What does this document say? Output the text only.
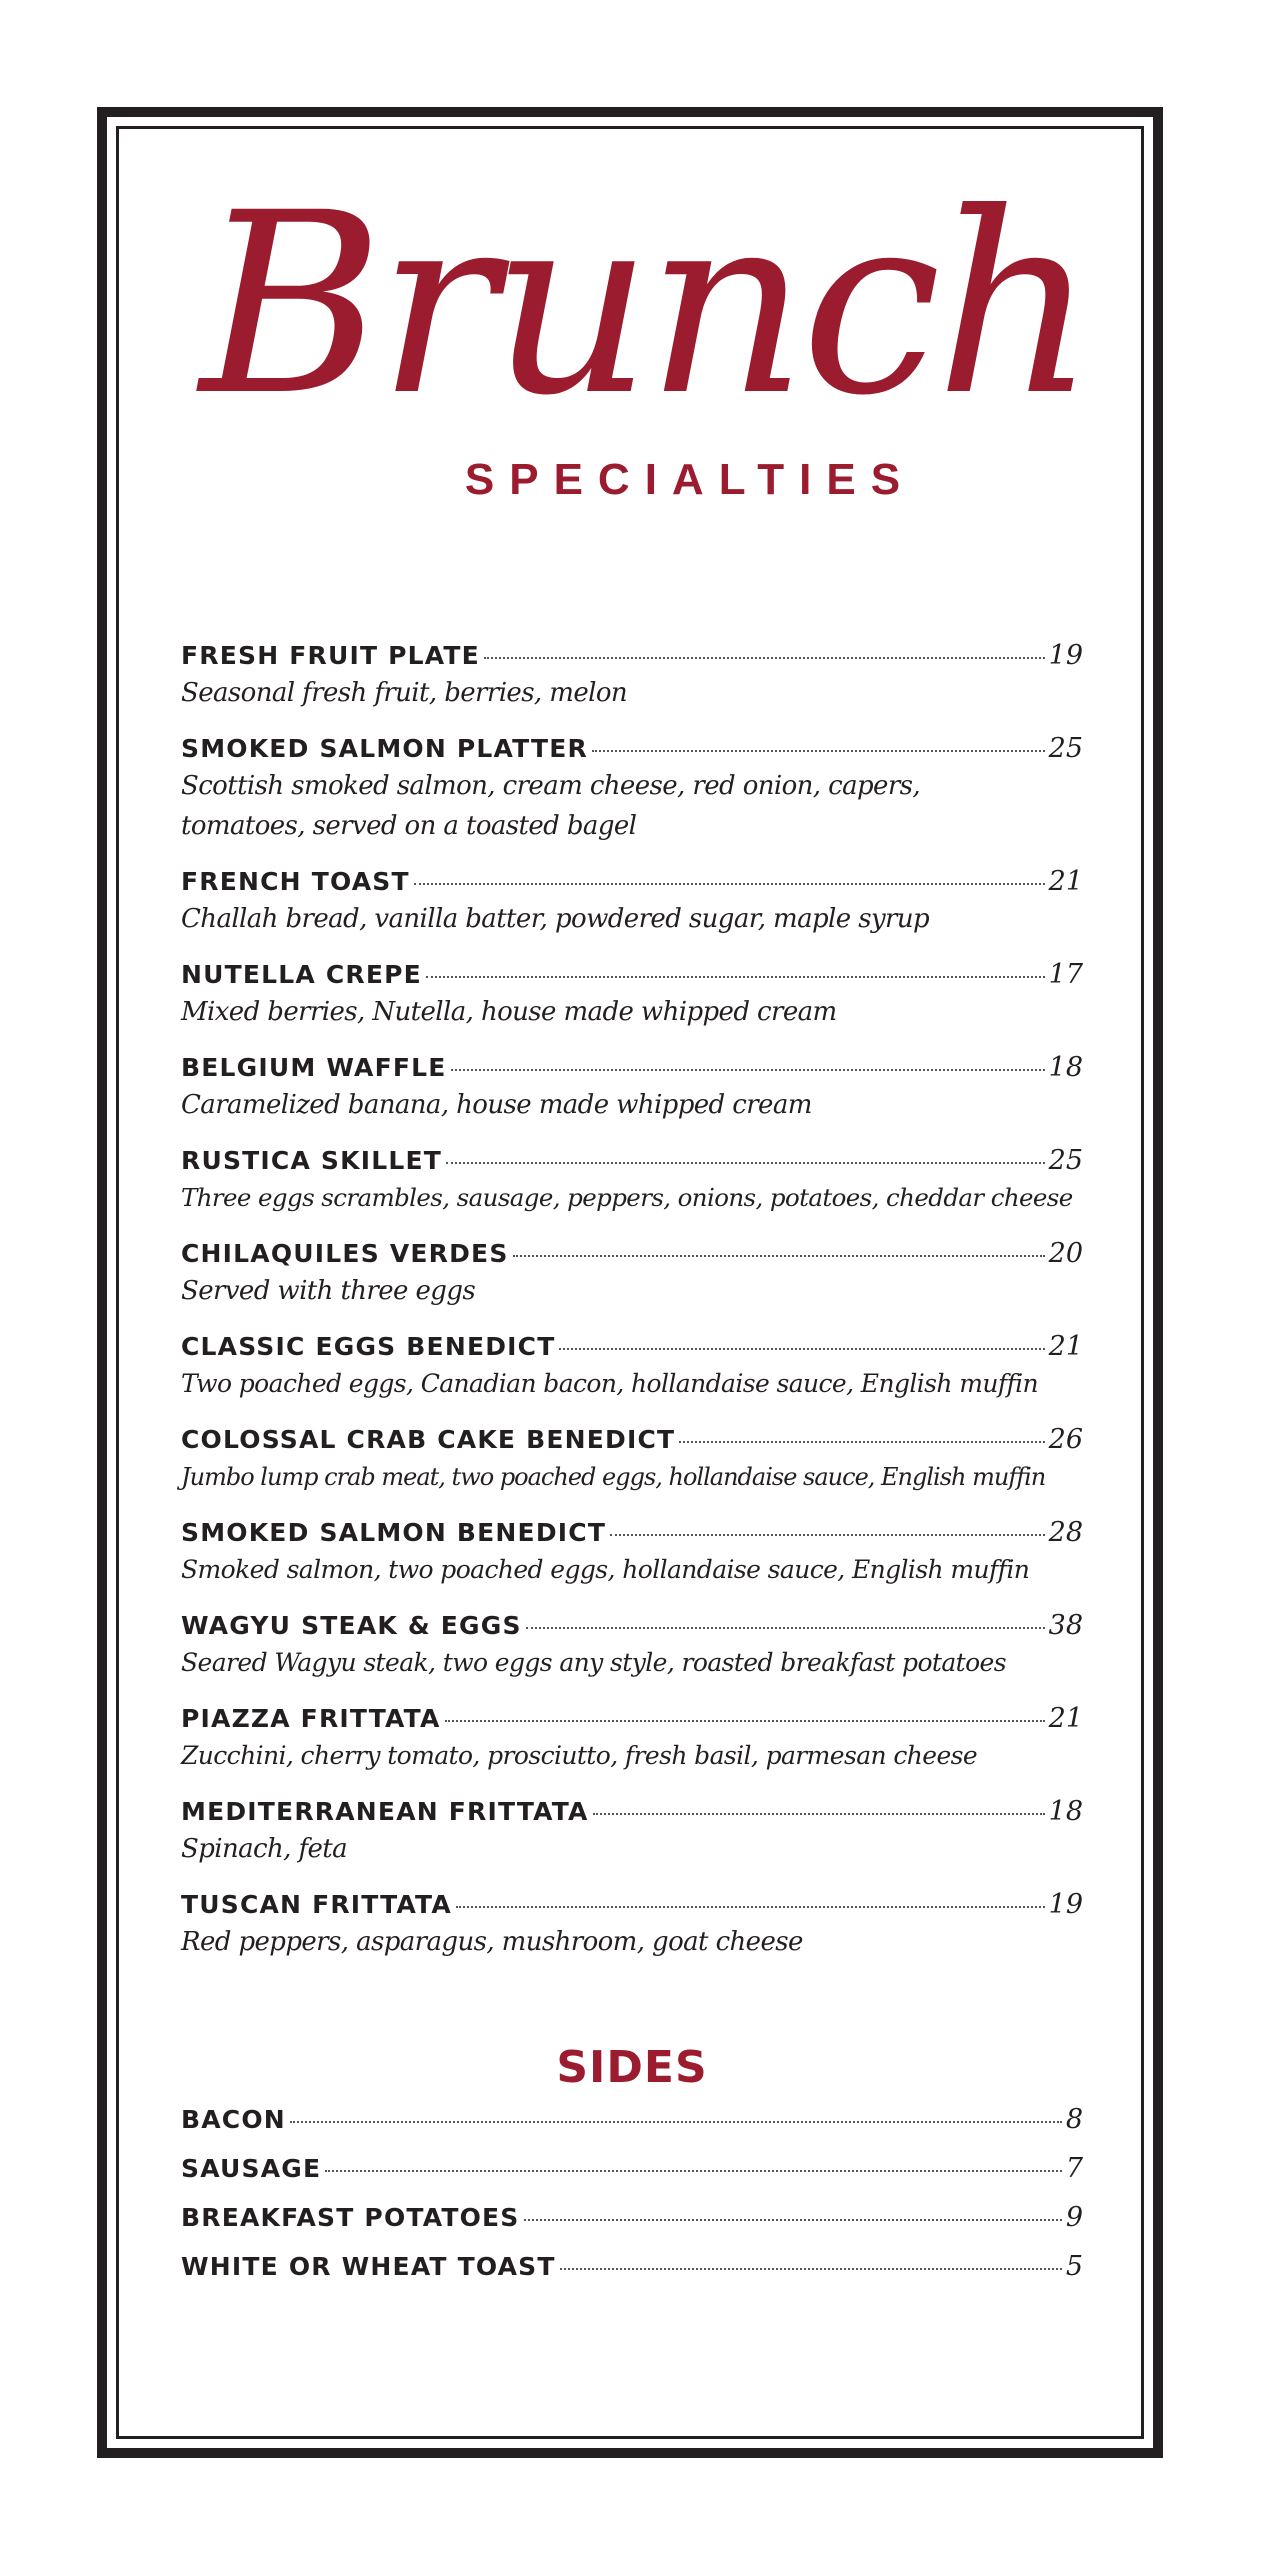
Brunch
SPECIALTIES
FRESH FRUIT PLATE	19
Seasonal fresh fruit, berries, melon
SMOKED SALMON PLATTER	25
Scottish smoked salmon, cream cheese, red onion, capers, tomatoes, served on a toasted bagel
FRENCH TOAST	21
Challah bread, vanilla batter, powdered sugar, maple syrup
NUTELLA CREPE	17
Mixed berries, Nutella, house made whipped cream
BELGIUM WAFFLE	18
Caramelized banana, house made whipped cream
RUSTICA SKILLET	25
Three eggs scrambles, sausage, peppers, onions, potatoes, cheddar cheese
CHILAQUILES VERDES	20
Served with three eggs
CLASSIC EGGS BENEDICT	21
Two poached eggs, Canadian bacon, hollandaise sauce, English muffin
COLOSSAL CRAB CAKE BENEDICT	26
Jumbo lump crab meat, two poached eggs, hollandaise sauce, English muffin
SMOKED SALMON BENEDICT	28
Smoked salmon, two poached eggs, hollandaise sauce, English muffin
WAGYU STEAK & EGGS	38
Seared Wagyu steak, two eggs any style, roasted breakfast potatoes
PIAZZA FRITTATA	21
Zucchini, cherry tomato, prosciutto, fresh basil, parmesan cheese
MEDITERRANEAN FRITTATA	18
Spinach, feta
TUSCAN FRITTATA	19
Red peppers, asparagus, mushroom, goat cheese
SIDES
BACON	8
SAUSAGE	7
BREAKFAST POTATOES	9
WHITE OR WHEAT TOAST	5
